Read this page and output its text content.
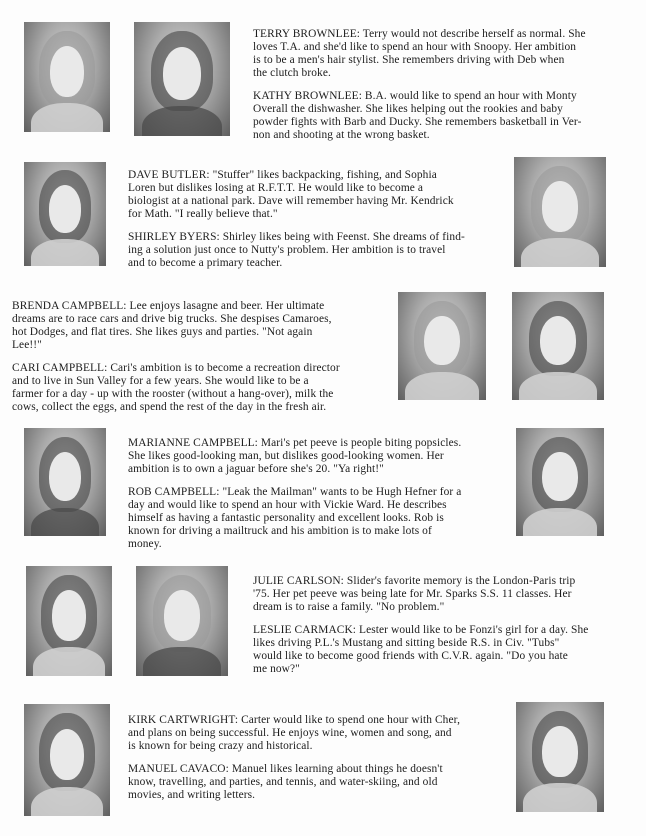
TERRY BROWNLEE: Terry would not describe herself as normal. She
loves T.A. and she'd like to spend an hour with Snoopy. Her ambition
is to be a men's hair stylist. She remembers driving with Deb when
the clutch broke.

KATHY BROWNLEE: B.A. would like to spend an hour with Monty
Overall the dishwasher. She likes helping out the rookies and baby
powder fights with Barb and Ducky. She remembers basketball in Ver-
non and shooting at the wrong basket.

DAVE BUTLER: "Stuffer" likes backpacking, fishing, and Sophia
Loren but dislikes losing at R.F.T.T. He would like to become a
biologist at a national park. Dave will remember having Mr. Kendrick
for Math. "I really believe that."

SHIRLEY BYERS: Shirley likes being with Feenst. She dreams of find-
ing a solution just once to Nutty's problem. Her ambition is to travel
and to become a primary teacher.

BRENDA CAMPBELL: Lee enjoys lasagne and beer. Her ultimate
dreams are to race cars and drive big trucks. She despises Camaroes,
hot Dodges, and flat tires. She likes guys and parties. "Not again
Lee!!"

CARI CAMPBELL: Cari's ambition is to become a recreation director
and to live in Sun Valley for a few years. She would like to be a
farmer for a day - up with the rooster (without a hang-over), milk the
cows, collect the eggs, and spend the rest of the day in the fresh air.

MARIANNE CAMPBELL: Mari's pet peeve is people biting popsicles.
She likes good-looking man, but dislikes good-looking women. Her
ambition is to own a jaguar before she's 20. "Ya right!"

ROB CAMPBELL: "Leak the Mailman" wants to be Hugh Hefner for a
day and would like to spend an hour with Vickie Ward. He describes
himself as having a fantastic personality and excellent looks. Rob is
known for driving a mailtruck and his ambition is to make lots of
money.

JULIE CARLSON: Slider's favorite memory is the London-Paris trip
'75. Her pet peeve was being late for Mr. Sparks S.S. 11 classes. Her
dream is to raise a family. "No problem."

LESLIE CARMACK: Lester would like to be Fonzi's girl for a day. She
likes driving P.L.'s Mustang and sitting beside R.S. in Civ. "Tubs"
would like to become good friends with C.V.R. again. "Do you hate
me now?"

KIRK CARTWRIGHT: Carter would like to spend one hour with Cher,
and plans on being successful. He enjoys wine, women and song, and
is known for being crazy and historical.

MANUEL CAVACO: Manuel likes learning about things he doesn't
know, travelling, and parties, and tennis, and water-skiing, and old
movies, and writing letters.
